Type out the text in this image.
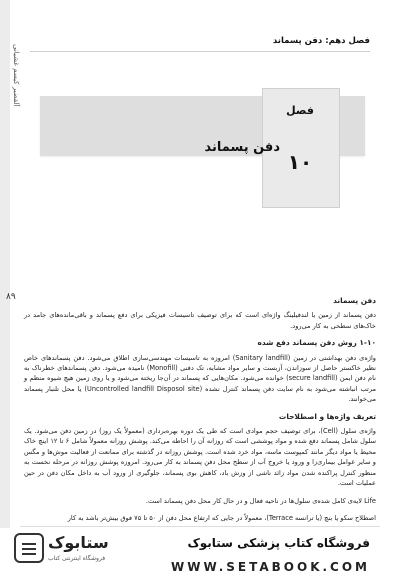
آلقضبر کیسم غشیانی
۸۹
فصل دهم: دفن پسماند
فصل
۱۰
دفن پسماند
دفن پسماند
دفن پسماند از زمین یا لندفیلینگ واژه‌ای است که برای توصیف تاسیسات فیزیکی برای دفع پسماند و باقی‌مانده‌های جامد در خاک‌های سطحی به کار می‌رود.
۱-۱۰ روش دفن پسماند دفع شده
واژه‌ی دفن بهداشتی در زمین (Sanitary landfill) امروزه به تاسیسات مهندسی‌سازی اطلاق می‌شود. دفن پسماندهای خاص نظیر خاکستر حاصل از سوزاندن، آزبست و سایر مواد مشابه، تک دفنی (Monofill) نامیده می‌شود. دفن پسماندهای خطرناک به نام دفن ایمن (secure landfill) خوانده می‌شود. مکان‌هایی که پسماند در آن‌جا ریخته می‌شود و یا روی زمین هیچ شیوه منظم و مرتب انباشته می‌شود به نام سایت دفن پسماند کنترل نشده (Uncontrolled landfill Disposol site) یا محل تلنبار پسماند می‌خوانند.
تعریف واژه‌ها و اصطلاحات
واژه‌ی سلول (Cell)، برای توصیف حجم موادی است که طی یک دوره بهره‌برداری (معمولاً یک روز) در زمین دفن می‌شود. یک سلول شامل پسماند دفع شده و مواد پوششی است که روزانه آن را احاطه می‌کند. پوشش روزانه معمولاً شامل ۶ تا ۱۲ اینچ خاک محیط یا مواد دیگر مانند کمپوست ماسه، مواد خرد شده است. پوشش روزانه در گذشته برای ممانعت از فعالیت موش‌ها و مگس و سایر عوامل بیماری‌زا و ورود یا خروج آب از سطح محل دفن پسماند به کار می‌رود. امروزه پوشش روزانه در مرحله نخست به منظور کنترل پراکنده شدن مواد زائد ناشی از وزش باد، کاهش بوی پسماند، جلوگیری از ورود آب به داخل مکان دفن در حین عملیات است.
Life لایه‌ی کامل شده‌ی سلول‌ها در ناحیه فعال و در حال کار محل دفن پسماند است.
اصطلاح سکو یا بنچ (یا ترانسه Terrace)، معمولاً در جایی که ارتفاع محل دفن از ۵۰ تا ۷۵ فوق بیش‌تر باشد به کار
ستابوک
فروشگاه اینترنتی کتاب
فروشگاه کتاب پزشکی ستابوک
WWW.SETABOOK.COM
